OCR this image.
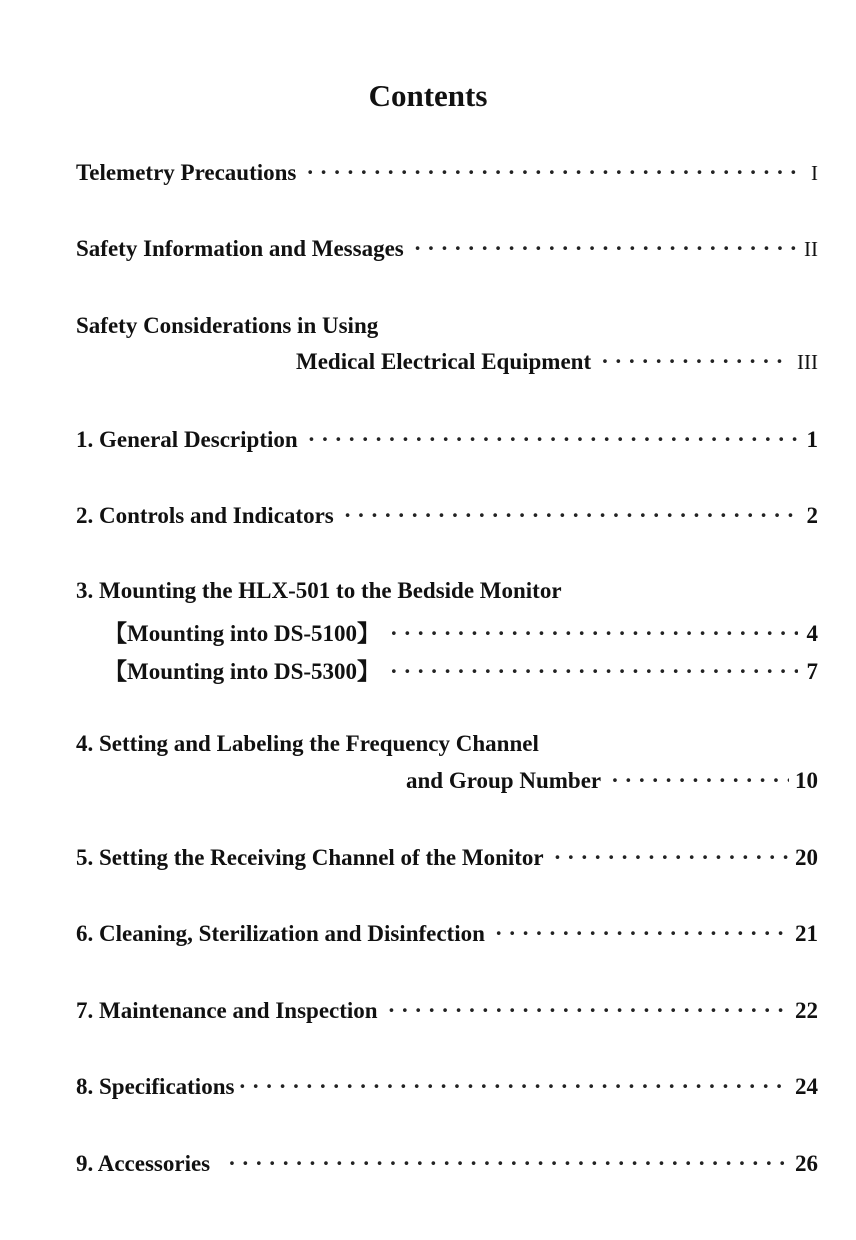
Contents
Telemetry Precautions · · ·	I
Safety Information and Messages · · ·	II
Safety Considerations in Using
Medical Electrical Equipment · · ·	III
1. General Description · · ·	1
2. Controls and Indicators · · ·	2
3. Mounting the HLX-501 to the Bedside Monitor
【Mounting into DS-5100】 · · ·	4
【Mounting into DS-5300】 · · ·	7
4. Setting and Labeling the Frequency Channel
and Group Number · · ·	10
5. Setting the Receiving Channel of the Monitor · · ·	20
6. Cleaning, Sterilization and Disinfection · · ·	21
7. Maintenance and Inspection · · ·	22
8. Specifications · · ·	24
9. Accessories · · ·	26
